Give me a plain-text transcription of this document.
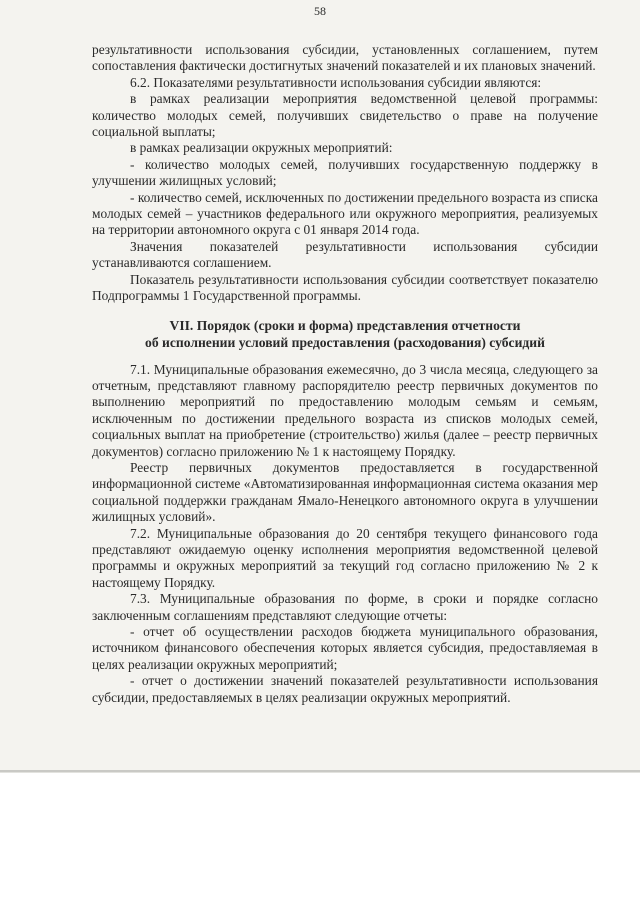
58

результативности использования субсидии, установленных соглашением, путем сопоставления фактически достигнутых значений показателей и их плановых значений.

6.2. Показателями результативности использования субсидии являются:

в рамках реализации мероприятия ведомственной целевой программы: количество молодых семей, получивших свидетельство о праве на получение социальной выплаты;

в рамках реализации окружных мероприятий:

- количество молодых семей, получивших государственную поддержку в улучшении жилищных условий;

- количество семей, исключенных по достижении предельного возраста из списка молодых семей – участников федерального или окружного мероприятия, реализуемых на территории автономного округа с 01 января 2014 года.

Значения показателей результативности использования субсидии устанавливаются соглашением.

Показатель результативности использования субсидии соответствует показателю Подпрограммы 1 Государственной программы.

VII. Порядок (сроки и форма) представления отчетности
об исполнении условий предоставления (расходования) субсидий

7.1. Муниципальные образования ежемесячно, до 3 числа месяца, следующего за отчетным, представляют главному распорядителю реестр первичных документов по выполнению мероприятий по предоставлению молодым семьям и семьям, исключенным по достижении предельного возраста из списков молодых семей, социальных выплат на приобретение (строительство) жилья (далее – реестр первичных документов) согласно приложению № 1 к настоящему Порядку.

Реестр первичных документов предоставляется в государственной информационной системе «Автоматизированная информационная система оказания мер социальной поддержки гражданам Ямало-Ненецкого автономного округа в улучшении жилищных условий».

7.2. Муниципальные образования до 20 сентября текущего финансового года представляют ожидаемую оценку исполнения мероприятия ведомственной целевой программы и окружных мероприятий за текущий год согласно приложению № 2 к настоящему Порядку.

7.3. Муниципальные образования по форме, в сроки и порядке согласно заключенным соглашениям представляют следующие отчеты:

- отчет об осуществлении расходов бюджета муниципального образования, источником финансового обеспечения которых является субсидия, предоставляемая в целях реализации окружных мероприятий;

- отчет о достижении значений показателей результативности использования субсидии, предоставляемых в целях реализации окружных мероприятий.
